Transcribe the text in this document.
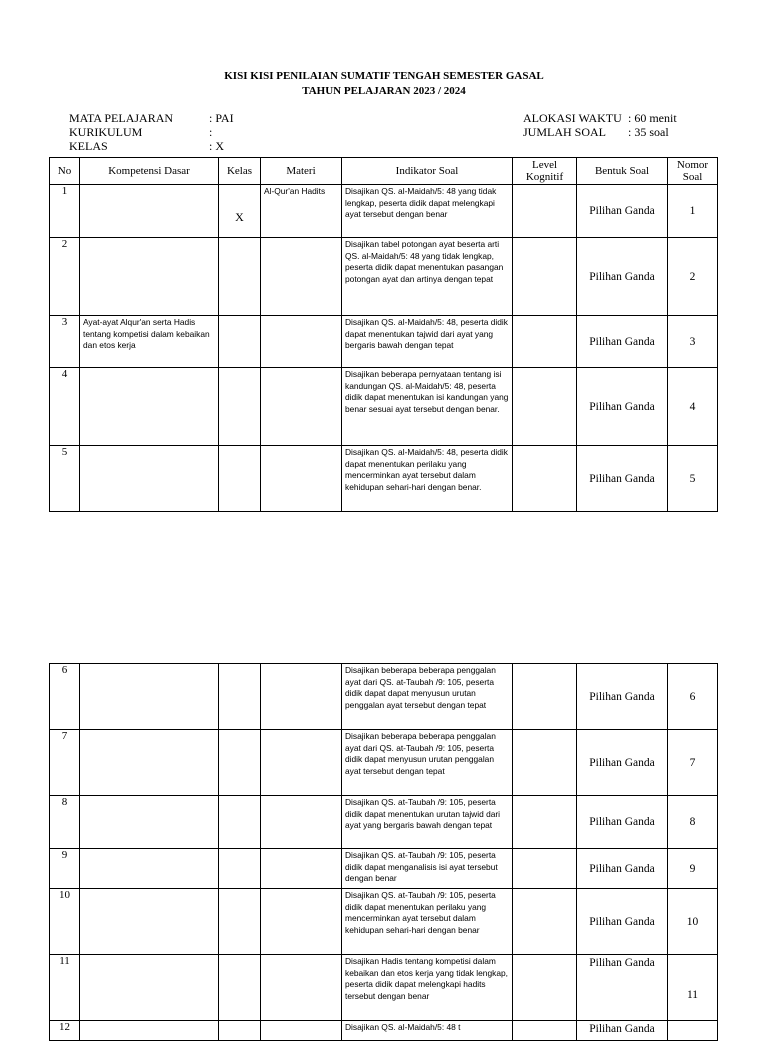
KISI KISI PENILAIAN SUMATIF TENGAH SEMESTER GASAL
TAHUN PELAJARAN 2023 / 2024
MATA PELAJARAN	: PAI
KURIKULUM	:
KELAS	: X
ALOKASI WAKTU : 60 menit
JUMLAH SOAL : 35 soal
No	Kompetensi Dasar	Kelas	Materi	Indikator Soal	Level Kognitif	Bentuk Soal	Nomor Soal
1		X	Al-Qur'an Hadits	Disajikan QS. al-Maidah/5: 48 yang tidak lengkap, peserta didik dapat melengkapi ayat tersebut dengan benar		Pilihan Ganda	1
2				Disajikan tabel potongan ayat beserta arti QS. al-Maidah/5: 48 yang tidak lengkap, peserta didik dapat menentukan pasangan potongan ayat dan artinya dengan tepat		Pilihan Ganda	2
3	Ayat-ayat Alqur'an serta Hadis tentang kompetisi dalam kebaikan dan etos kerja			Disajikan QS. al-Maidah/5: 48, peserta didik dapat menentukan tajwid dari ayat yang bergaris bawah dengan tepat		Pilihan Ganda	3
4				Disajikan beberapa pernyataan tentang isi kandungan QS. al-Maidah/5: 48, peserta didik dapat menentukan isi kandungan yang benar sesuai ayat tersebut dengan benar.		Pilihan Ganda	4
5				Disajikan QS. al-Maidah/5: 48, peserta didik dapat menentukan perilaku yang mencerminkan ayat tersebut dalam kehidupan sehari-hari dengan benar.		Pilihan Ganda	5
6				Disajikan beberapa beberapa penggalan ayat dari QS. at-Taubah /9: 105, peserta didik dapat dapat menyusun urutan penggalan ayat tersebut dengan tepat		Pilihan Ganda	6
7				Disajikan beberapa beberapa penggalan ayat dari QS. at-Taubah /9: 105, peserta didik dapat menyusun urutan penggalan ayat tersebut dengan tepat		Pilihan Ganda	7
8				Disajikan QS. at-Taubah /9: 105, peserta didik dapat menentukan urutan tajwid dari ayat yang bergaris bawah dengan tepat		Pilihan Ganda	8
9				Disajikan QS. at-Taubah /9: 105, peserta didik dapat menganalisis isi ayat tersebut dengan benar		Pilihan Ganda	9
10				Disajikan QS. at-Taubah /9: 105, peserta didik dapat menentukan perilaku yang mencerminkan ayat tersebut dalam kehidupan sehari-hari dengan benar		Pilihan Ganda	10
11				Disajikan Hadis tentang kompetisi dalam kebaikan dan etos kerja yang tidak lengkap, peserta didik dapat melengkapi hadits tersebut dengan benar		Pilihan Ganda	11
12				Disajikan QS. al-Maidah/5: 48 t		Pilihan Ganda	
